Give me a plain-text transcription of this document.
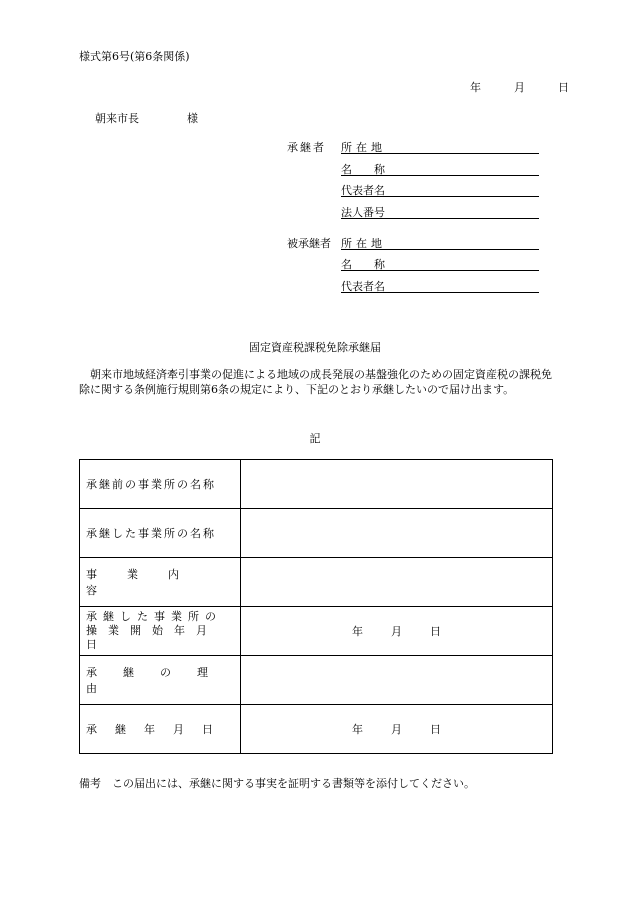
様式第6号(第6条関係)
年	月	日
朝来市長	様
承継者 所在地
名称
代表者名
法人番号
被承継者 所在地
名称
代表者名
固定資産税課税免除承継届
朝来市地域経済牽引事業の促進による地域の成長発展の基盤強化のための固定資産税の課税免除に関する条例施行規則第6条の規定により、下記のとおり承継したいので届け出ます。
記
承継前の事業所の名称	

承継した事業所の名称	

事業内容	

承継した事業所の
操業開始年月日	年 月 日

承継の理由	

承継年月日	年 月 日
備考　この届出には、承継に関する事実を証明する書類等を添付してください。
